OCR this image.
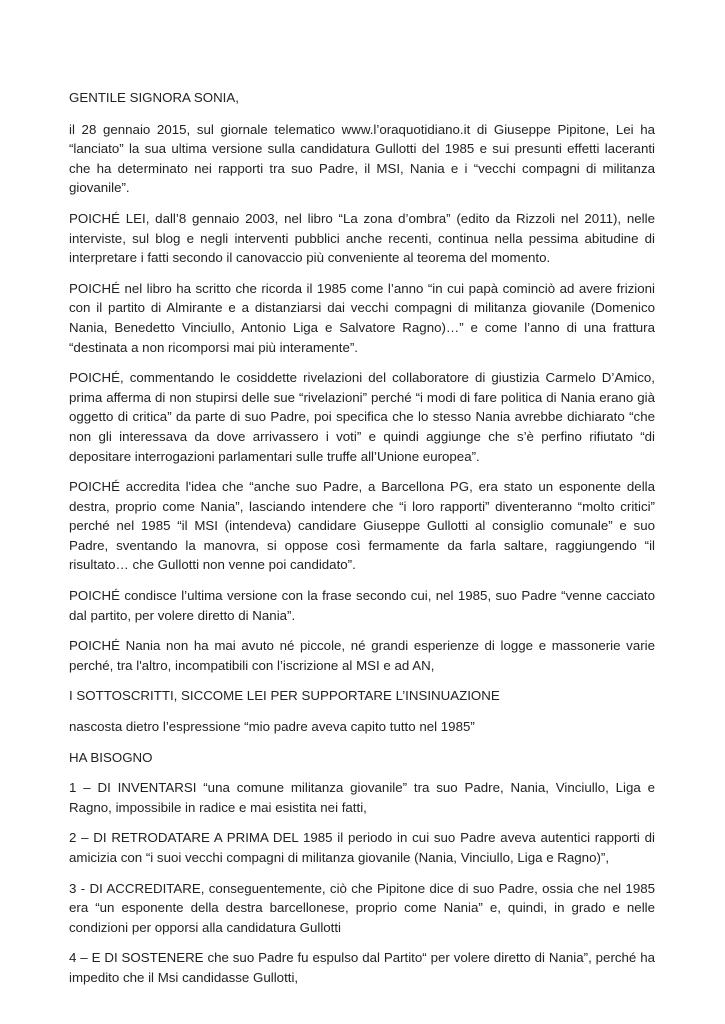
GENTILE SIGNORA SONIA,

il 28 gennaio 2015, sul giornale telematico www.l’oraquotidiano.it di Giuseppe Pipitone, Lei ha “lanciato” la sua ultima versione sulla candidatura Gullotti del 1985 e sui presunti effetti laceranti che ha determinato nei rapporti tra suo Padre, il MSI, Nania e i “vecchi compagni di militanza giovanile”.

POICHÉ LEI, dall’8 gennaio 2003, nel libro “La zona d’ombra” (edito da Rizzoli nel 2011), nelle interviste, sul blog e negli interventi pubblici anche recenti, continua nella pessima abitudine di interpretare i fatti secondo il canovaccio più conveniente al teorema del momento.

POICHÉ nel libro ha scritto che ricorda il 1985 come l’anno “in cui papà cominciò ad avere frizioni con il partito di Almirante e a distanziarsi dai vecchi compagni di militanza giovanile (Domenico Nania, Benedetto Vinciullo, Antonio Liga e Salvatore Ragno)…” e come l’anno di una frattura “destinata a non ricomporsi mai più interamente”.

POICHÉ, commentando le cosiddette rivelazioni del collaboratore di giustizia Carmelo D’Amico, prima afferma di non stupirsi delle sue “rivelazioni” perché “i modi di fare politica di Nania erano già oggetto di critica” da parte di suo Padre, poi specifica che lo stesso Nania avrebbe dichiarato “che non gli interessava da dove arrivassero i voti” e quindi aggiunge che s’è perfino rifiutato “di depositare interrogazioni parlamentari sulle truffe all’Unione europea”.

POICHÉ accredita l'idea che “anche suo Padre, a Barcellona PG, era stato un esponente della destra, proprio come Nania”, lasciando intendere che “i loro rapporti” diventeranno “molto critici” perché nel 1985 “il MSI (intendeva) candidare Giuseppe Gullotti al consiglio comunale” e suo Padre, sventando la manovra, si oppose così fermamente da farla saltare, raggiungendo “il risultato… che Gullotti non venne poi candidato”.

POICHÉ condisce l’ultima versione con la frase secondo cui, nel 1985, suo Padre “venne cacciato dal partito, per volere diretto di Nania”.

POICHÉ Nania non ha mai avuto né piccole, né grandi esperienze di logge e massonerie varie perché, tra l'altro, incompatibili con l’iscrizione al MSI e ad AN,

I SOTTOSCRITTI, SICCOME LEI PER SUPPORTARE L’INSINUAZIONE

nascosta dietro l’espressione “mio padre aveva capito tutto nel 1985”

HA BISOGNO

1 – DI INVENTARSI “una comune militanza giovanile” tra suo Padre, Nania, Vinciullo, Liga e Ragno, impossibile in radice e mai esistita nei fatti,

2 – DI RETRODATARE A PRIMA DEL 1985 il periodo in cui suo Padre aveva autentici rapporti di amicizia con “i suoi vecchi compagni di militanza giovanile (Nania, Vinciullo, Liga e Ragno)”,

3 - DI ACCREDITARE, conseguentemente, ciò che Pipitone dice di suo Padre, ossia che nel 1985 era “un esponente della destra barcellonese, proprio come Nania” e, quindi, in grado e nelle condizioni per opporsi alla candidatura Gullotti

4 – E DI SOSTENERE che suo Padre fu espulso dal Partito“ per volere diretto di Nania”, perché ha impedito che il Msi candidasse Gullotti,
